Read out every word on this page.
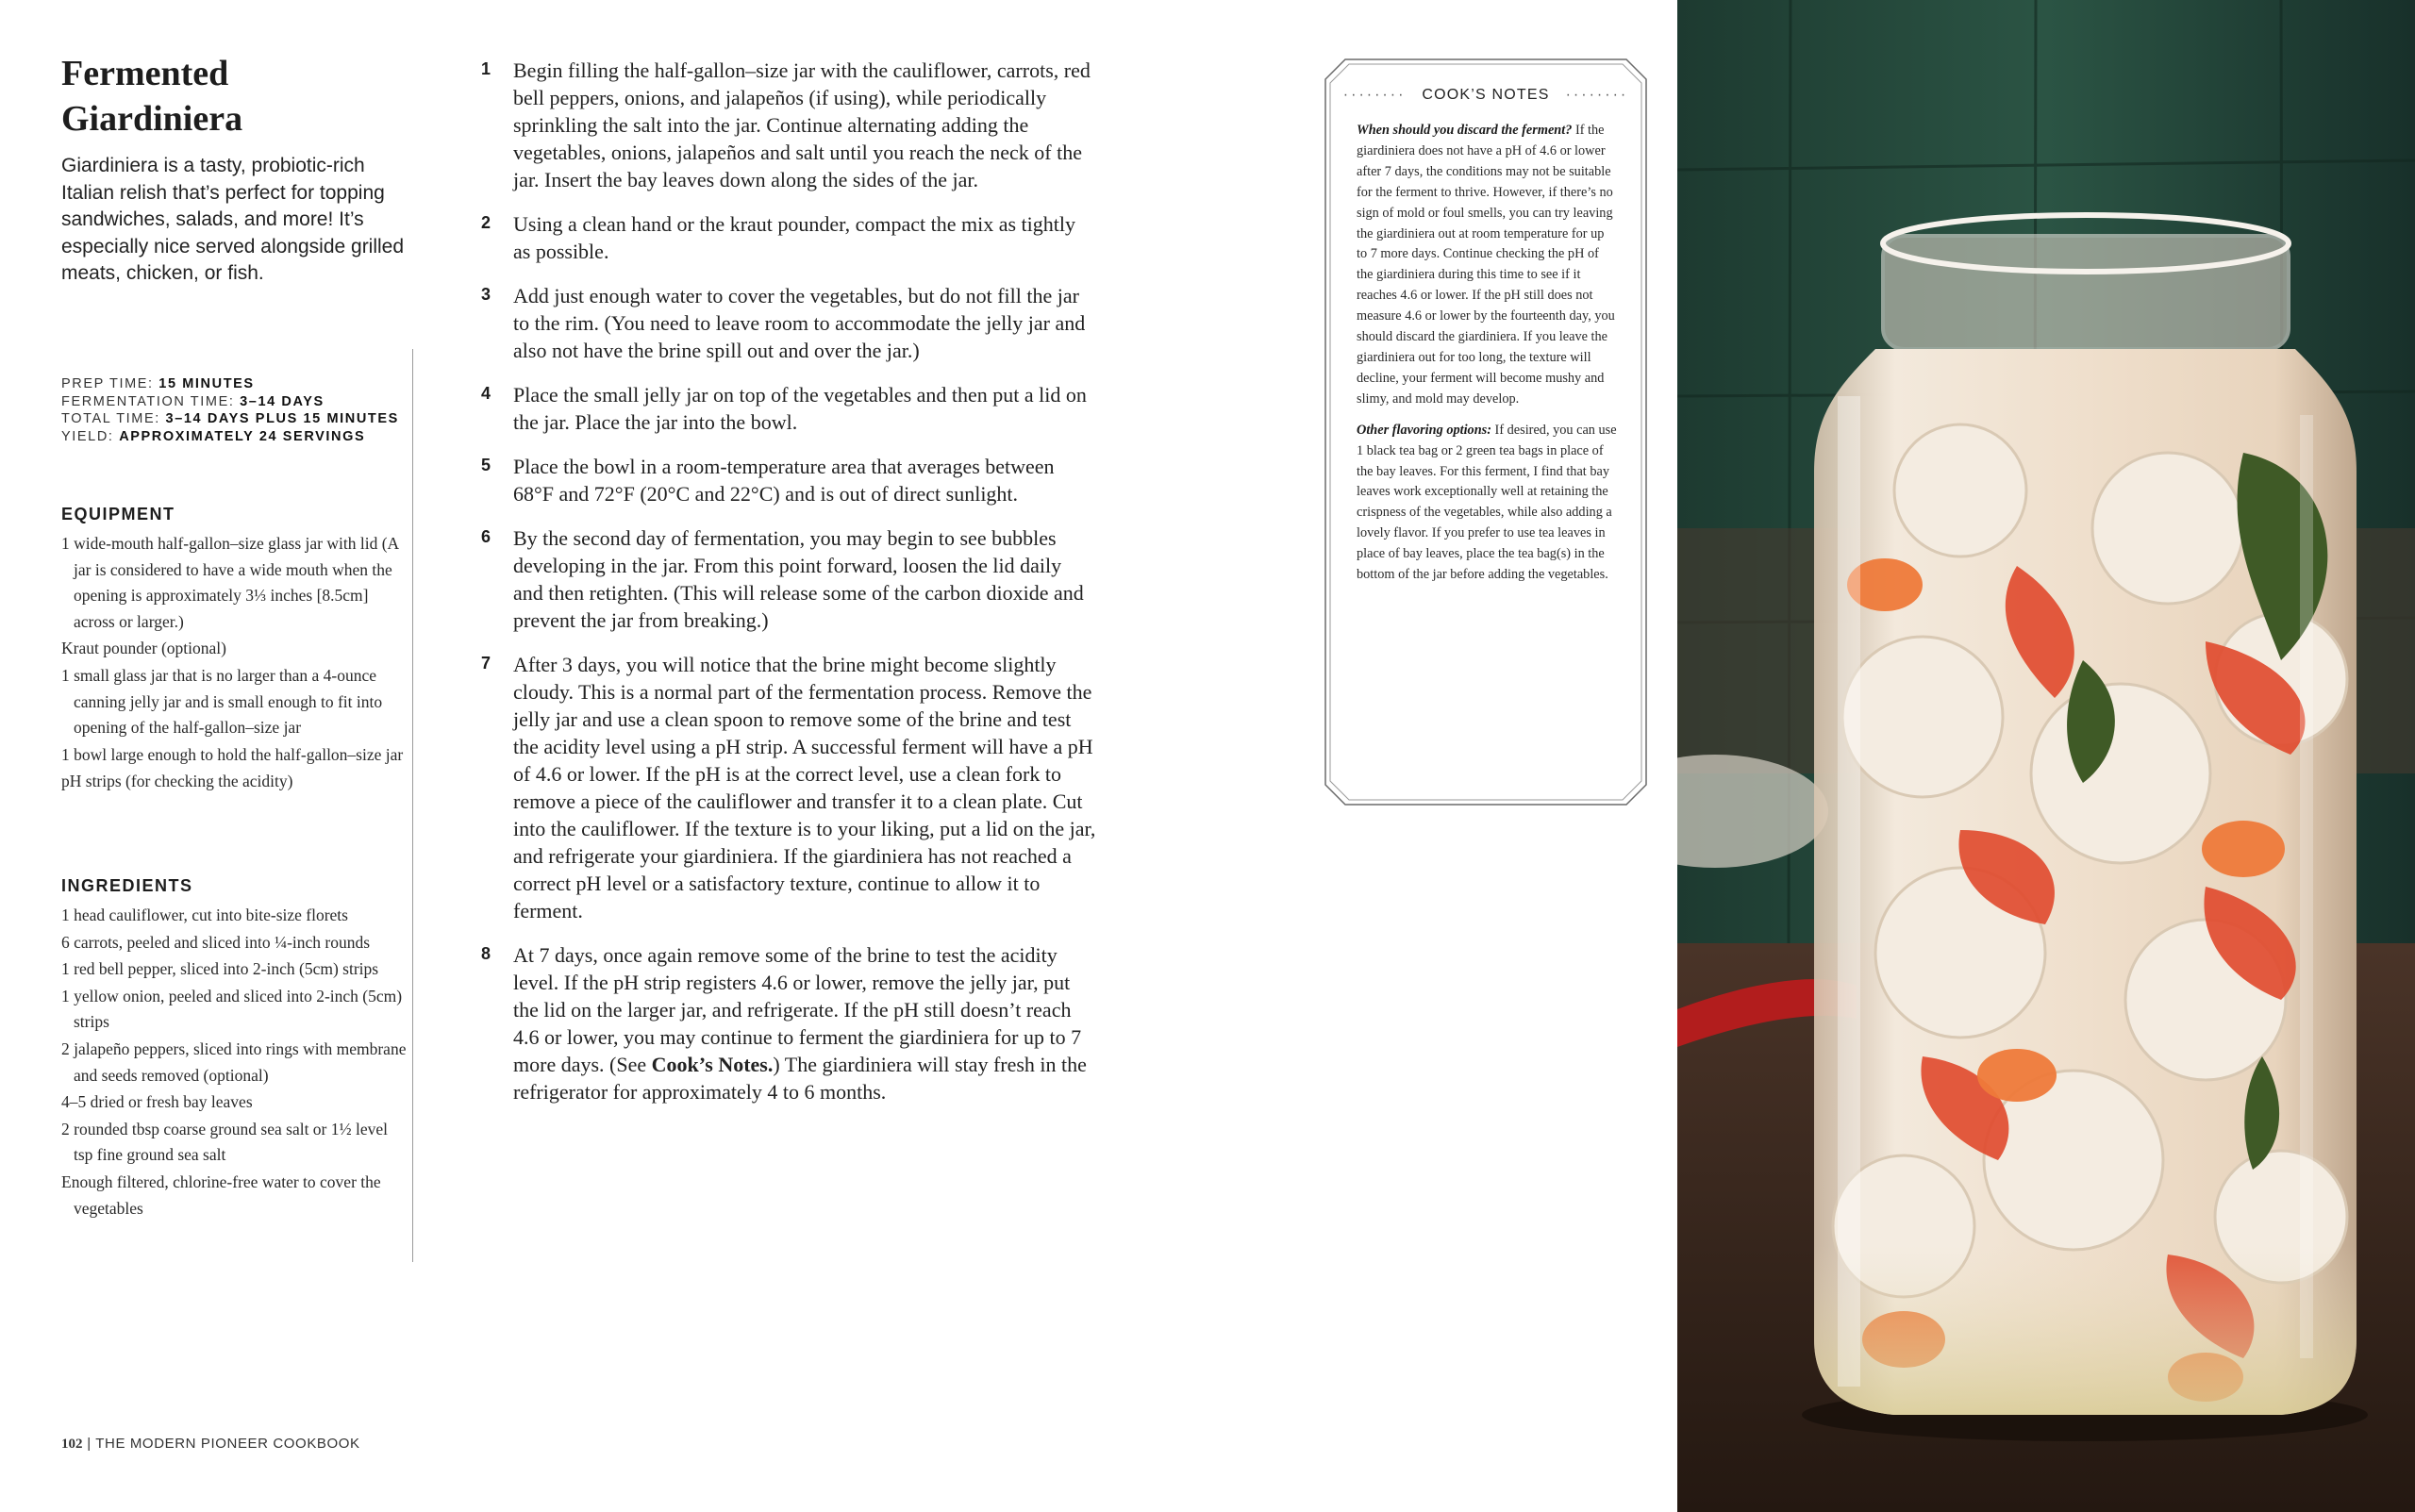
Fermented
Giardiniera

Giardiniera is a tasty, probiotic-rich Italian relish that’s perfect for topping sandwiches, salads, and more! It’s especially nice served alongside grilled meats, chicken, or fish.

PREP TIME: 15 MINUTES
FERMENTATION TIME: 3–14 DAYS
TOTAL TIME: 3–14 DAYS PLUS 15 MINUTES
YIELD: APPROXIMATELY 24 SERVINGS
EQUIPMENT
1 wide-mouth half-gallon–size glass jar with lid (A jar is considered to have a wide mouth when the opening is approximately 3⅓ inches [8.5cm] across or larger.)
Kraut pounder (optional)
1 small glass jar that is no larger than a 4-ounce canning jelly jar and is small enough to fit into opening of the half-gallon–size jar
1 bowl large enough to hold the half-gallon–size jar
pH strips (for checking the acidity)
INGREDIENTS
1 head cauliflower, cut into bite-size florets
6 carrots, peeled and sliced into ¼-inch rounds
1 red bell pepper, sliced into 2-inch (5cm) strips
1 yellow onion, peeled and sliced into 2-inch (5cm) strips
2 jalapeño peppers, sliced into rings with membrane and seeds removed (optional)
4–5 dried or fresh bay leaves
2 rounded tbsp coarse ground sea salt or 1½ level tsp fine ground sea salt
Enough filtered, chlorine-free water to cover the vegetables
1 Begin filling the half-gallon–size jar with the cauliflower, carrots, red bell peppers, onions, and jalapeños (if using), while periodically sprinkling the salt into the jar. Continue alternating adding the vegetables, onions, jalapeños and salt until you reach the neck of the jar. Insert the bay leaves down along the sides of the jar.
2 Using a clean hand or the kraut pounder, compact the mix as tightly as possible.
3 Add just enough water to cover the vegetables, but do not fill the jar to the rim. (You need to leave room to accommodate the jelly jar and also not have the brine spill out and over the jar.)
4 Place the small jelly jar on top of the vegetables and then put a lid on the jar. Place the jar into the bowl.
5 Place the bowl in a room-temperature area that averages between 68°F and 72°F (20°C and 22°C) and is out of direct sunlight.
6 By the second day of fermentation, you may begin to see bubbles developing in the jar. From this point forward, loosen the lid daily and then retighten. (This will release some of the carbon dioxide and prevent the jar from breaking.)
7 After 3 days, you will notice that the brine might become slightly cloudy. This is a normal part of the fermentation process. Remove the jelly jar and use a clean spoon to remove some of the brine and test the acidity level using a pH strip. A successful ferment will have a pH of 4.6 or lower. If the pH is at the correct level, use a clean fork to remove a piece of the cauliflower and transfer it to a clean plate. Cut into the cauliflower. If the texture is to your liking, put a lid on the jar, and refrigerate your giardiniera. If the giardiniera has not reached a correct pH level or a satisfactory texture, continue to allow it to ferment.
8 At 7 days, once again remove some of the brine to test the acidity level. If the pH strip registers 4.6 or lower, remove the jelly jar, put the lid on the larger jar, and refrigerate. If the pH still doesn’t reach 4.6 or lower, you may continue to ferment the giardiniera for up to 7 more days. (See Cook’s Notes.) The giardiniera will stay fresh in the refrigerator for approximately 4 to 6 months.
········ COOK’S NOTES ········

When should you discard the ferment? If the giardiniera does not have a pH of 4.6 or lower after 7 days, the conditions may not be suitable for the ferment to thrive. However, if there’s no sign of mold or foul smells, you can try leaving the giardiniera out at room temperature for up to 7 more days. Continue checking the pH of the giardiniera during this time to see if it reaches 4.6 or lower. If the pH still does not measure 4.6 or lower by the fourteenth day, you should discard the giardiniera. If you leave the giardiniera out for too long, the texture will decline, your ferment will become mushy and slimy, and mold may develop.

Other flavoring options: If desired, you can use 1 black tea bag or 2 green tea bags in place of the bay leaves. For this ferment, I find that bay leaves work exceptionally well at retaining the crispness of the vegetables, while also adding a lovely flavor. If you prefer to use tea leaves in place of bay leaves, place the tea bag(s) in the bottom of the jar before adding the vegetables.

102 | THE MODERN PIONEER COOKBOOK
